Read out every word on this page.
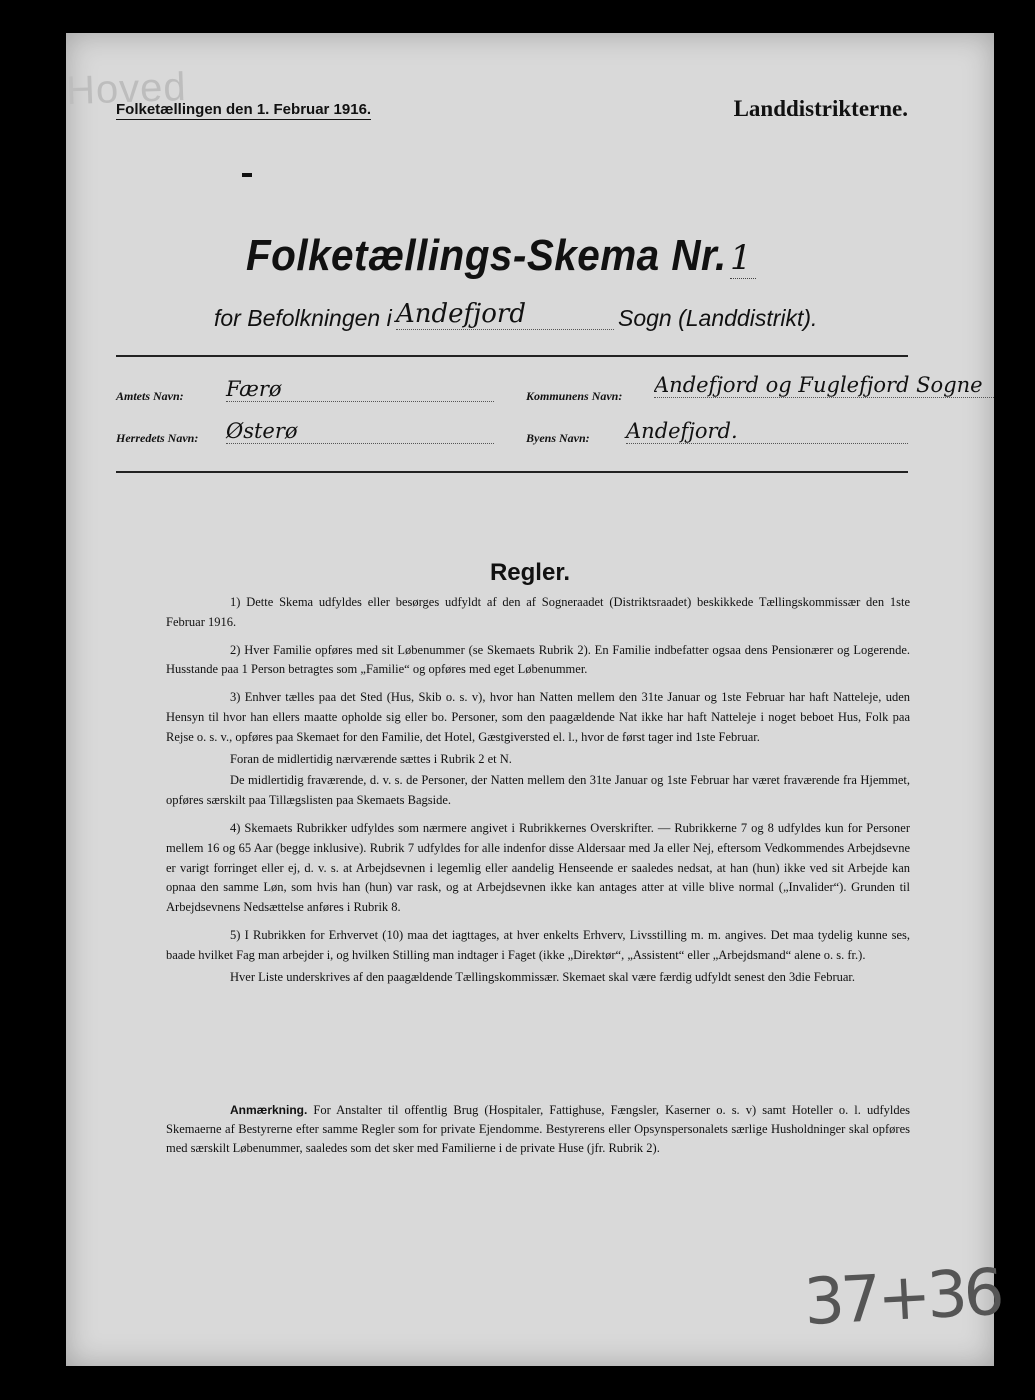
Hoved
Folketællingen den 1. Februar 1916.	Landdistrikterne.
Folketællings-Skema Nr. 1
for Befolkningen i Andefjord	Sogn (Landdistrikt).
Amtets Navn: Færø	Kommunens Navn: Andefjord og Fuglefjord Sogne
Herredets Navn: Østerø	Byens Navn: Andefjord.
Regler.

1) Dette Skema udfyldes eller besørges udfyldt af den af Sogneraadet (Distriktsraadet) beskikkede Tællingskommissær den 1ste Februar 1916.

2) Hver Familie opføres med sit Løbenummer (se Skemaets Rubrik 2). En Familie indbefatter ogsaa dens Pensionærer og Logerende. Husstande paa 1 Person betragtes som „Familie“ og opføres med eget Løbenummer.

3) Enhver tælles paa det Sted (Hus, Skib o. s. v), hvor han Natten mellem den 31te Januar og 1ste Februar har haft Natteleje, uden Hensyn til hvor han ellers maatte opholde sig eller bo. Personer, som den paagældende Nat ikke har haft Natteleje i noget beboet Hus, Folk paa Rejse o. s. v., opføres paa Skemaet for den Familie, det Hotel, Gæstgiversted el. l., hvor de først tager ind 1ste Februar.

Foran de midlertidig nærværende sættes i Rubrik 2 et N.

De midlertidig fraværende, d. v. s. de Personer, der Natten mellem den 31te Januar og 1ste Februar har været fraværende fra Hjemmet, opføres særskilt paa Tillægslisten paa Skemaets Bagside.

4) Skemaets Rubrikker udfyldes som nærmere angivet i Rubrikkernes Overskrifter. — Rubrikkerne 7 og 8 udfyldes kun for Personer mellem 16 og 65 Aar (begge inklusive). Rubrik 7 udfyldes for alle indenfor disse Aldersaar med Ja eller Nej, eftersom Vedkommendes Arbejdsevne er varigt forringet eller ej, d. v. s. at Arbejdsevnen i legemlig eller aandelig Henseende er saaledes nedsat, at han (hun) ikke ved sit Arbejde kan opnaa den samme Løn, som hvis han (hun) var rask, og at Arbejdsevnen ikke kan antages atter at ville blive normal („Invalider“). Grunden til Arbejdsevnens Nedsættelse anføres i Rubrik 8.

5) I Rubrikken for Erhvervet (10) maa det iagttages, at hver enkelts Erhverv, Livsstilling m. m. angives. Det maa tydelig kunne ses, baade hvilket Fag man arbejder i, og hvilken Stilling man indtager i Faget (ikke „Direktør“, „Assistent“ eller „Arbejdsmand“ alene o. s. fr.).

Hver Liste underskrives af den paagældende Tællingskommissær. Skemaet skal være færdig udfyldt senest den 3die Februar.

Anmærkning. For Anstalter til offentlig Brug (Hospitaler, Fattighuse, Fængsler, Kaserner o. s. v) samt Hoteller o. l. udfyldes Skemaerne af Bestyrerne efter samme Regler som for private Ejendomme. Bestyrerens eller Opsynspersonalets særlige Husholdninger skal opføres med særskilt Løbenummer, saaledes som det sker med Familierne i de private Huse (jfr. Rubrik 2).

37+36
